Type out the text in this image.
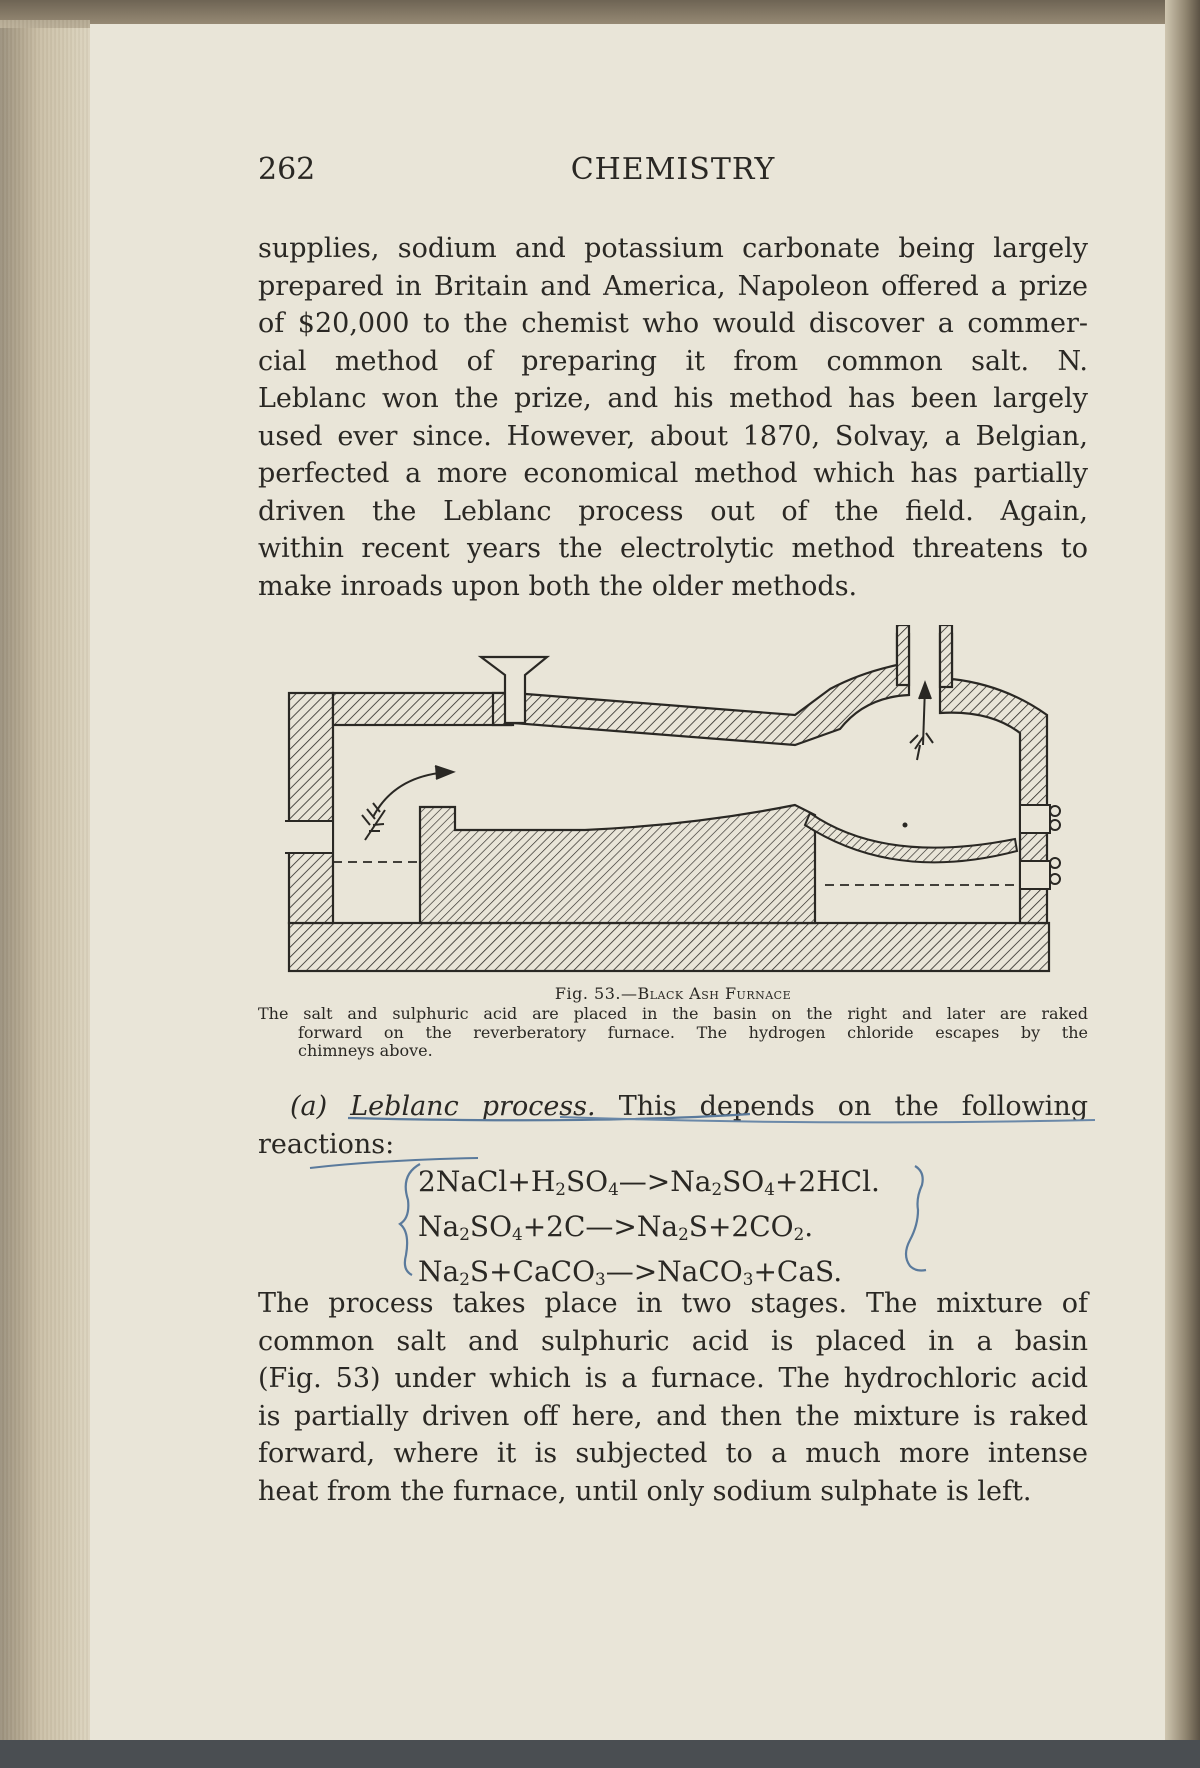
262	CHEMISTRY
supplies, sodium and potassium carbonate being largely
prepared in Britain and America, Napoleon offered a prize
of $20,000 to the chemist who would discover a commer-
cial method of preparing it from common salt. N.
Leblanc won the prize, and his method has been largely
used ever since. However, about 1870, Solvay, a Belgian,
perfected a more economical method which has partially
driven the Leblanc process out of the field. Again,
within recent years the electrolytic method threatens to
make inroads upon both the older methods.
Fig. 53.—Black Ash Furnace
The salt and sulphuric acid are placed in the basin on the right and later are raked
forward on the reverberatory furnace. The hydrogen chloride escapes by the
chimneys above.
(a) Leblanc process. This depends on the following
reactions:
$2NaCl+H_2SO_4—>Na_2SO_4+2HCl$.
$Na_2SO_4+2C—>Na_2S+2CO_2$.
$Na_2S+CaCO_3—>NaCO_3+CaS$.
The process takes place in two stages. The mixture of
common salt and sulphuric acid is placed in a basin
(Fig. 53) under which is a furnace. The hydrochloric acid
is partially driven off here, and then the mixture is raked
forward, where it is subjected to a much more intense
heat from the furnace, until only sodium sulphate is left.
